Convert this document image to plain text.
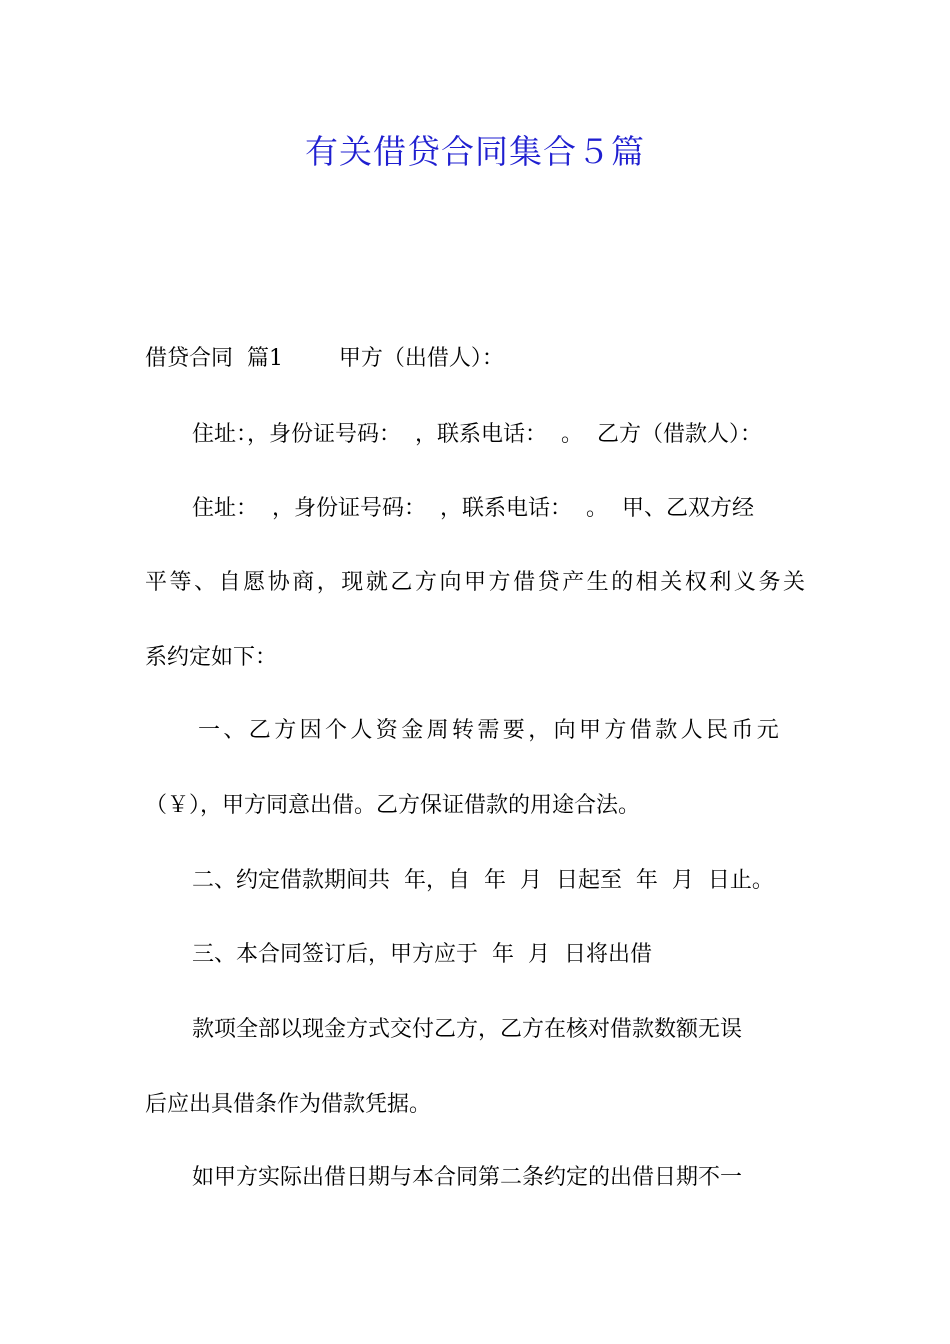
有关借贷合同集合５篇

借贷合同  篇1        甲方（出借人）：

住址：，身份证号码：  ，联系电话：  。  乙方（借款人）：

住址：  ，身份证号码：  ，联系电话：  。  甲、乙双方经

平等、自愿协商，现就乙方向甲方借贷产生的相关权利义务关

系约定如下：

一、乙方因个人资金周转需要，向甲方借款人民币元

（￥），甲方同意出借。乙方保证借款的用途合法。

二、约定借款期间共  年，自  年  月  日起至  年  月  日止。

三、本合同签订后，甲方应于  年  月  日将出借

款项全部以现金方式交付乙方，乙方在核对借款数额无误

后应出具借条作为借款凭据。

如甲方实际出借日期与本合同第二条约定的出借日期不一
